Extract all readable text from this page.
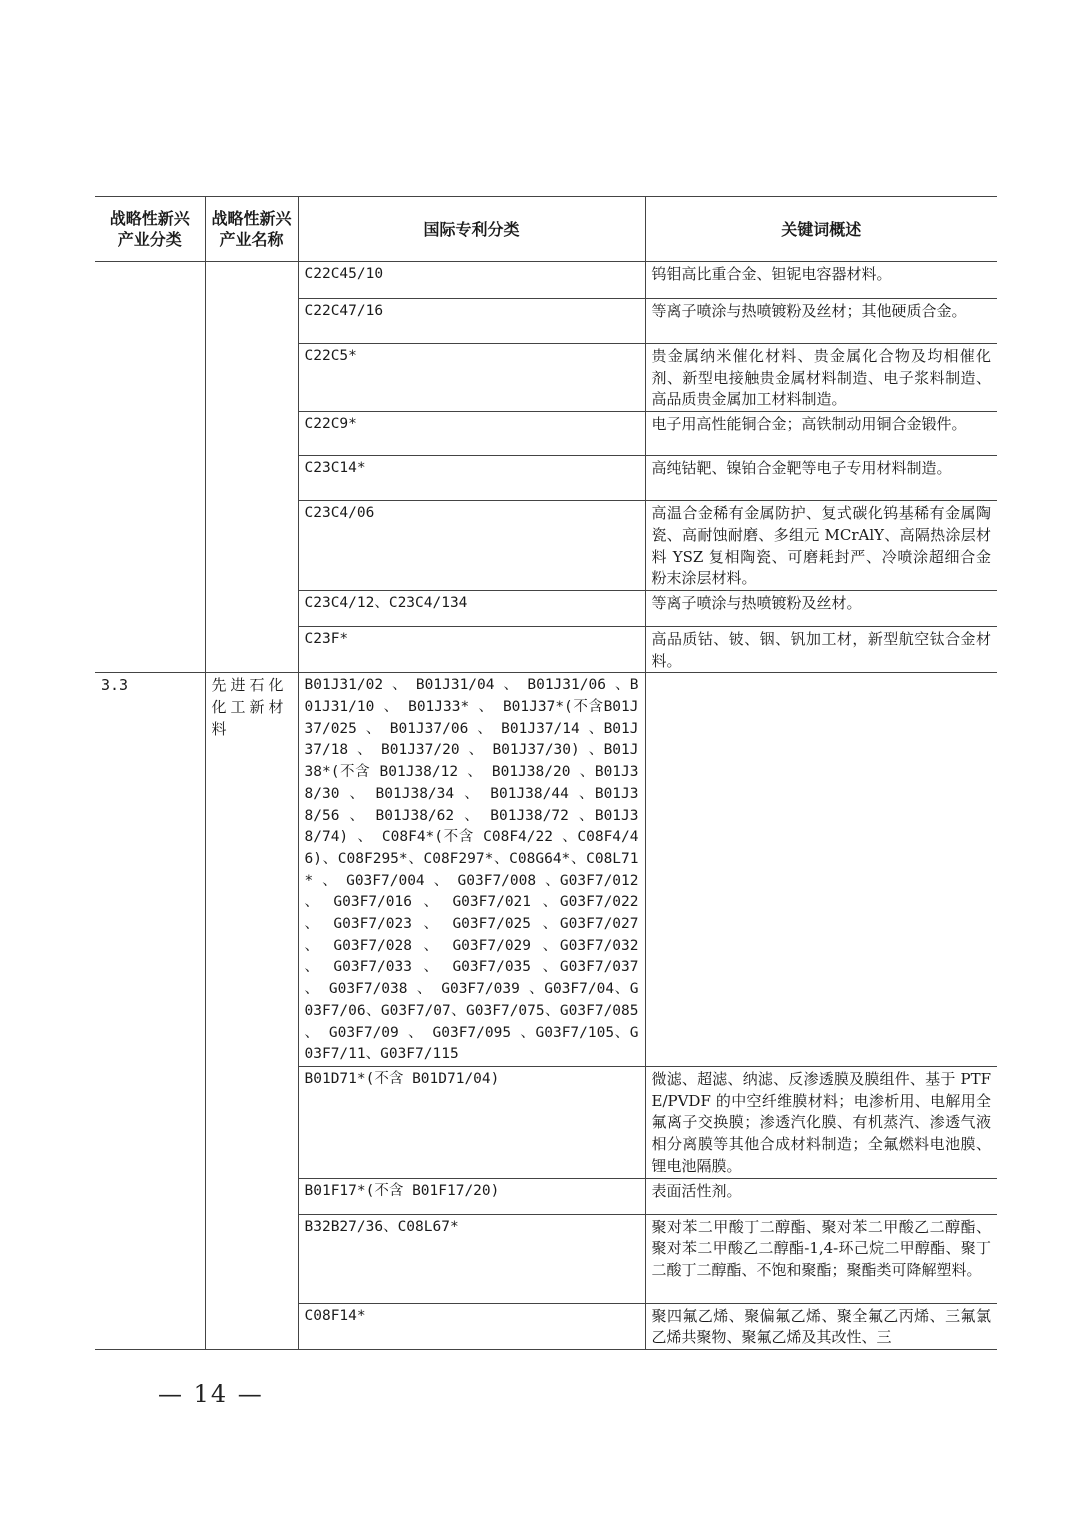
战略性新兴产业分类	战略性新兴产业名称	国际专利分类	关键词概述
		C22C45/10	钨钼高比重合金、钽铌电容器材料。
		C22C47/16	等离子喷涂与热喷镀粉及丝材；其他硬质合金。
		C22C5*	贵金属纳米催化材料、贵金属化合物及均相催化剂、新型电接触贵金属材料制造、电子浆料制造、高品质贵金属加工材料制造。
		C22C9*	电子用高性能铜合金；高铁制动用铜合金锻件。
		C23C14*	高纯钴靶、镍铂合金靶等电子专用材料制造。
		C23C4/06	高温合金稀有金属防护、复式碳化钨基稀有金属陶瓷、高耐蚀耐磨、多组元 MCrAlY、高隔热涂层材料 YSZ 复相陶瓷、可磨耗封严、冷喷涂超细合金粉末涂层材料。
		C23C4/12、C23C4/134	等离子喷涂与热喷镀粉及丝材。
		C23F*	高品质钴、铍、铟、钒加工材，新型航空钛合金材料。
3.3	先进石化化工新材料	B01J31/02 、 B01J31/04 、 B01J31/06 、B01J31/10 、 B01J33* 、 B01J37*(不含B01J37/025 、 B01J37/06 、 B01J37/14 、B01J37/18 、 B01J37/20 、 B01J37/30) 、B01J38*(不含 B01J38/12 、 B01J38/20 、B01J38/30 、 B01J38/34 、 B01J38/44 、B01J38/56 、 B01J38/62 、 B01J38/72 、B01J38/74) 、 C08F4*(不含 C08F4/22 、C08F4/46)、C08F295*、C08F297*、C08G64*、C08L71* 、 G03F7/004 、 G03F7/008 、G03F7/012 、 G03F7/016 、 G03F7/021 、G03F7/022 、 G03F7/023 、 G03F7/025 、G03F7/027 、 G03F7/028 、 G03F7/029 、G03F7/032 、 G03F7/033 、 G03F7/035 、G03F7/037 、 G03F7/038 、 G03F7/039 、G03F7/04、G03F7/06、G03F7/07、G03F7/075、G03F7/085 、 G03F7/09 、 G03F7/095 、G03F7/105、G03F7/11、G03F7/115	
		B01D71*(不含 B01D71/04)	微滤、超滤、纳滤、反渗透膜及膜组件、基于 PTFE/PVDF 的中空纤维膜材料；电渗析用、电解用全氟离子交换膜；渗透汽化膜、有机蒸汽、渗透气液相分离膜等其他合成材料制造；全氟燃料电池膜、锂电池隔膜。
		B01F17*(不含 B01F17/20)	表面活性剂。
		B32B27/36、C08L67*	聚对苯二甲酸丁二醇酯、聚对苯二甲酸乙二醇酯、聚对苯二甲酸乙二醇酯-1,4-环己烷二甲醇酯、聚丁二酸丁二醇酯、不饱和聚酯；聚酯类可降解塑料。
		C08F14*	聚四氟乙烯、聚偏氟乙烯、聚全氟乙丙烯、三氟氯乙烯共聚物、聚氟乙烯及其改性、三
— 14 —
